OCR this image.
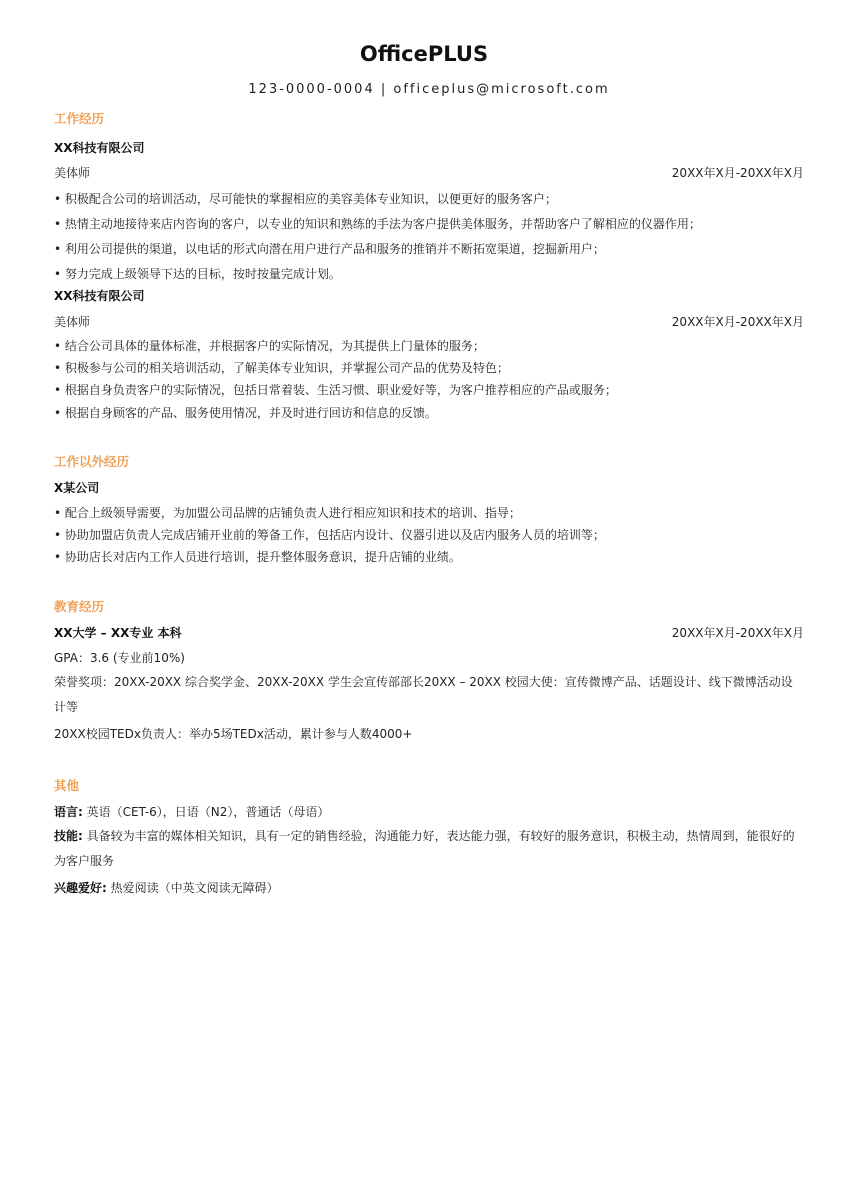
OfficePLUS
123-0000-0004 | officeplus@microsoft.com
工作经历
XX科技有限公司
美体师	20XX年X月-20XX年X月
• 积极配合公司的培训活动，尽可能快的掌握相应的美容美体专业知识，以便更好的服务客户；
• 热情主动地接待来店内咨询的客户，以专业的知识和熟练的手法为客户提供美体服务，并帮助客户了解相应的仪器作用；
• 利用公司提供的渠道，以电话的形式向潜在用户进行产品和服务的推销并不断拓宽渠道，挖掘新用户；
• 努力完成上级领导下达的目标，按时按量完成计划。
XX科技有限公司
美体师	20XX年X月-20XX年X月
• 结合公司具体的量体标准，并根据客户的实际情况，为其提供上门量体的服务；
• 积极参与公司的相关培训活动，了解美体专业知识，并掌握公司产品的优势及特色；
• 根据自身负责客户的实际情况，包括日常着装、生活习惯、职业爱好等，为客户推荐相应的产品或服务；
• 根据自身顾客的产品、服务使用情况，并及时进行回访和信息的反馈。
工作以外经历
X某公司
• 配合上级领导需要，为加盟公司品牌的店铺负责人进行相应知识和技术的培训、指导；
• 协助加盟店负责人完成店铺开业前的筹备工作，包括店内设计、仪器引进以及店内服务人员的培训等；
• 协助店长对店内工作人员进行培训，提升整体服务意识，提升店铺的业绩。
教育经历
XX大学 – XX专业 本科	20XX年X月-20XX年X月
GPA：3.6 (专业前10%)
荣誉奖项：20XX-20XX 综合奖学金、20XX-20XX 学生会宣传部部长20XX – 20XX 校园大使：宣传微博产品、话题设计、线下微博活动设计等
20XX校园TEDx负责人：举办5场TEDx活动，累计参与人数4000+
其他
语言: 英语（CET-6），日语（N2），普通话（母语）
技能: 具备较为丰富的媒体相关知识，具有一定的销售经验，沟通能力好，表达能力强，有较好的服务意识，积极主动，热情周到，能很好的为客户服务
兴趣爱好: 热爱阅读（中英文阅读无障碍）
